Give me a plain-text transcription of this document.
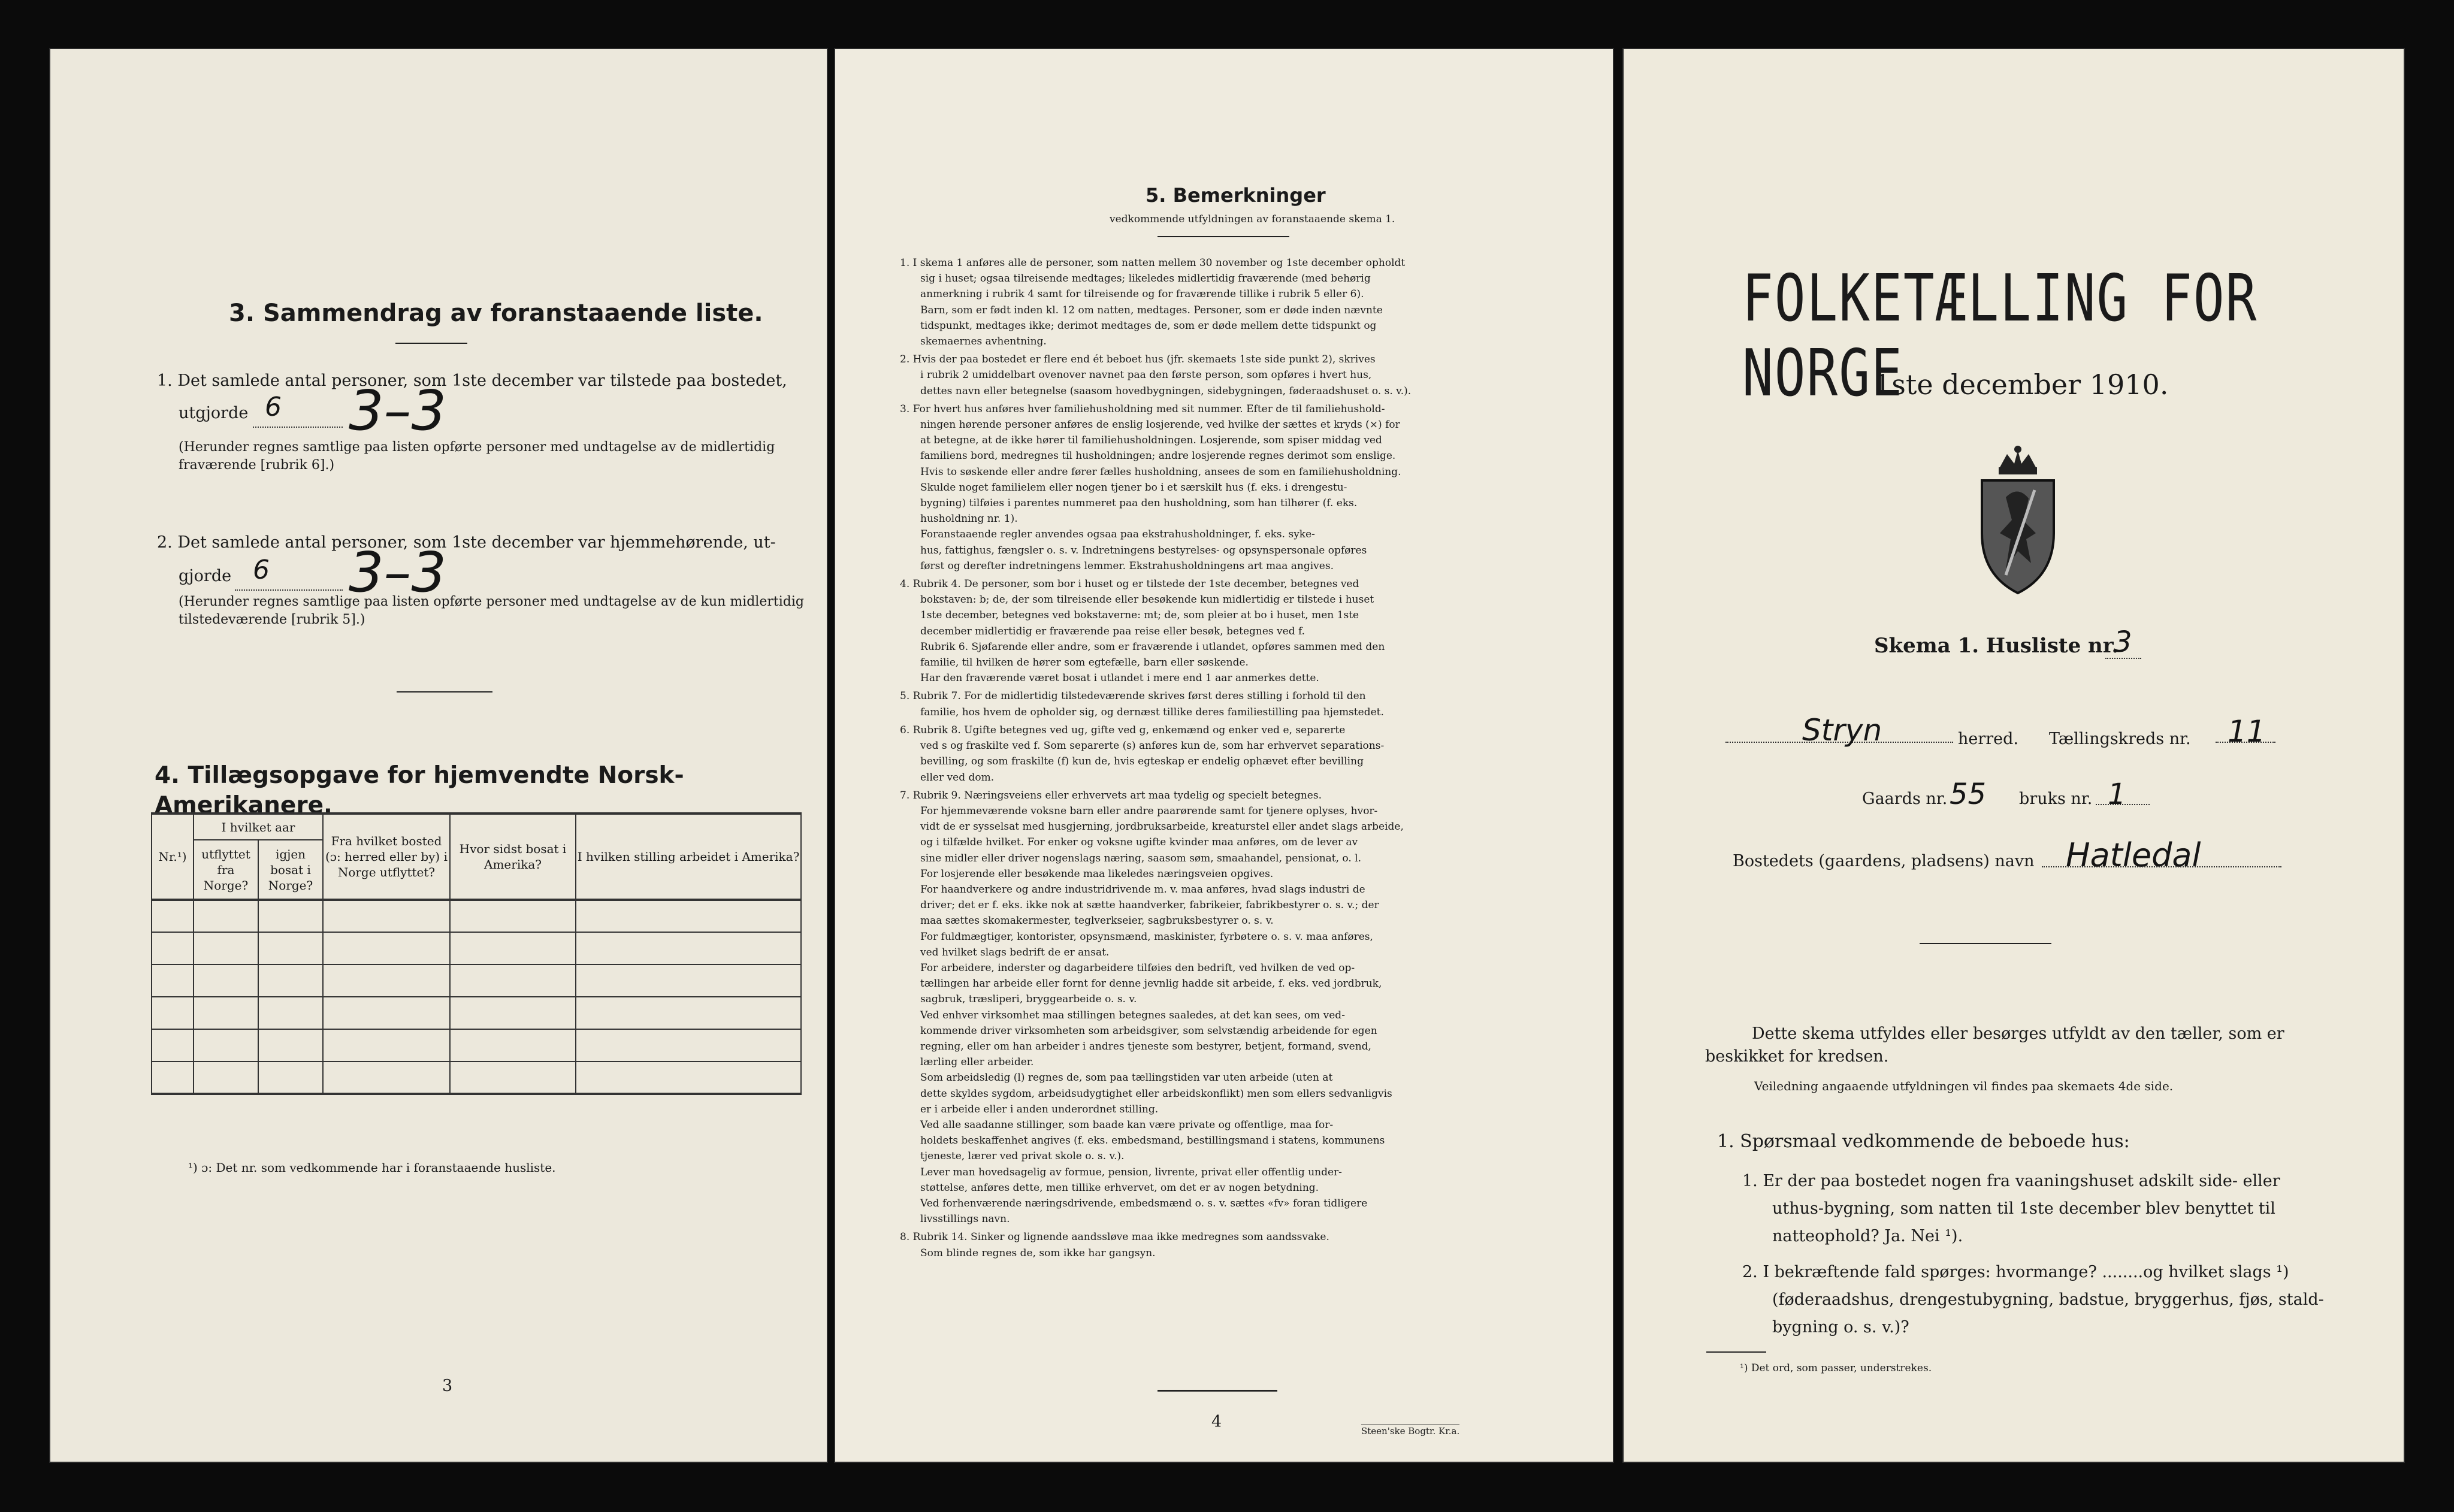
3. Sammendrag av foranstaaende liste.
1. Det samlede antal personer, som 1ste december var tilstede paa bostedet,
utgjorde 6 3–3
(Herunder regnes samtlige paa listen opførte personer med undtagelse av de midlertidig fraværende [rubrik 6].)
2. Det samlede antal personer, som 1ste december var hjemmehørende, ut-
gjorde 6 3–3
(Herunder regnes samtlige paa listen opførte personer med undtagelse av de kun midlertidig tilstedeværende [rubrik 5].)
4. Tillægsopgave for hjemvendte Norsk-Amerikanere.
Nr.¹)	I hvilket aar		Fra hvilket bosted (ɔ: herred eller by) i Norge utflyttet?	Hvor sidst bosat i Amerika?	I hvilken stilling arbeidet i Amerika?
	utflyttet fra Norge?	igjen bosat i Norge?			

¹) ɔ: Det nr. som vedkommende har i foranstaaende husliste.
3
5. Bemerkninger
vedkommende utfyldningen av foranstaaende skema 1.

1. I skema 1 anføres alle de personer, som natten mellem 30 november og 1ste december opholdt

sig i huset; ogsaa tilreisende medtages; likeledes midlertidig fraværende (med behørig

anmerkning i rubrik 4 samt for tilreisende og for fraværende tillike i rubrik 5 eller 6).

Barn, som er født inden kl. 12 om natten, medtages. Personer, som er døde inden nævnte

tidspunkt, medtages ikke; derimot medtages de, som er døde mellem dette tidspunkt og

skemaernes avhentning.

2. Hvis der paa bostedet er flere end ét beboet hus (jfr. skemaets 1ste side punkt 2), skrives

i rubrik 2 umiddelbart ovenover navnet paa den første person, som opføres i hvert hus,

dettes navn eller betegnelse (saasom hovedbygningen, sidebygningen, føderaadshuset o. s. v.).

3. For hvert hus anføres hver familiehusholdning med sit nummer. Efter de til familiehushold-

ningen hørende personer anføres de enslig losjerende, ved hvilke der sættes et kryds (×) for

at betegne, at de ikke hører til familiehusholdningen. Losjerende, som spiser middag ved

familiens bord, medregnes til husholdningen; andre losjerende regnes derimot som enslige.

Hvis to søskende eller andre fører fælles husholdning, ansees de som en familiehusholdning.

Skulde noget familielem eller nogen tjener bo i et særskilt hus (f. eks. i drengestu-

bygning) tilføies i parentes nummeret paa den husholdning, som han tilhører (f. eks.

husholdning nr. 1).

Foranstaaende regler anvendes ogsaa paa ekstrahusholdninger, f. eks. syke-

hus, fattighus, fængsler o. s. v. Indretningens bestyrelses- og opsynspersonale opføres

først og derefter indretningens lemmer. Ekstrahusholdningens art maa angives.

4. Rubrik 4. De personer, som bor i huset og er tilstede der 1ste december, betegnes ved

bokstaven: b; de, der som tilreisende eller besøkende kun midlertidig er tilstede i huset

1ste december, betegnes ved bokstaverne: mt; de, som pleier at bo i huset, men 1ste

december midlertidig er fraværende paa reise eller besøk, betegnes ved f.

Rubrik 6. Sjøfarende eller andre, som er fraværende i utlandet, opføres sammen med den

familie, til hvilken de hører som egtefælle, barn eller søskende.

Har den fraværende været bosat i utlandet i mere end 1 aar anmerkes dette.

5. Rubrik 7. For de midlertidig tilstedeværende skrives først deres stilling i forhold til den

familie, hos hvem de opholder sig, og dernæst tillike deres familiestilling paa hjemstedet.

6. Rubrik 8. Ugifte betegnes ved ug, gifte ved g, enkemænd og enker ved e, separerte

ved s og fraskilte ved f. Som separerte (s) anføres kun de, som har erhvervet separations-

bevilling, og som fraskilte (f) kun de, hvis egteskap er endelig ophævet efter bevilling

eller ved dom.

7. Rubrik 9. Næringsveiens eller erhvervets art maa tydelig og specielt betegnes.

For hjemmeværende voksne barn eller andre paarørende samt for tjenere oplyses, hvor-

vidt de er sysselsat med husgjerning, jordbruksarbeide, kreaturstel eller andet slags arbeide,

og i tilfælde hvilket. For enker og voksne ugifte kvinder maa anføres, om de lever av

sine midler eller driver nogenslags næring, saasom søm, smaahandel, pensionat, o. l.

For losjerende eller besøkende maa likeledes næringsveien opgives.

For haandverkere og andre industridrivende m. v. maa anføres, hvad slags industri de

driver; det er f. eks. ikke nok at sætte haandverker, fabrikeier, fabrikbestyrer o. s. v.; der

maa sættes skomakermester, teglverkseier, sagbruksbestyrer o. s. v.

For fuldmægtiger, kontorister, opsynsmænd, maskinister, fyrbøtere o. s. v. maa anføres,

ved hvilket slags bedrift de er ansat.

For arbeidere, inderster og dagarbeidere tilføies den bedrift, ved hvilken de ved op-

tællingen har arbeide eller fornt for denne jevnlig hadde sit arbeide, f. eks. ved jordbruk,

sagbruk, træsliperi, bryggearbeide o. s. v.

Ved enhver virksomhet maa stillingen betegnes saaledes, at det kan sees, om ved-

kommende driver virksomheten som arbeidsgiver, som selvstændig arbeidende for egen

regning, eller om han arbeider i andres tjeneste som bestyrer, betjent, formand, svend,

lærling eller arbeider.

Som arbeidsledig (l) regnes de, som paa tællingstiden var uten arbeide (uten at

dette skyldes sygdom, arbeidsudygtighet eller arbeidskonflikt) men som ellers sedvanligvis

er i arbeide eller i anden underordnet stilling.

Ved alle saadanne stillinger, som baade kan være private og offentlige, maa for-

holdets beskaffenhet angives (f. eks. embedsmand, bestillingsmand i statens, kommunens

tjeneste, lærer ved privat skole o. s. v.).

Lever man hovedsagelig av formue, pension, livrente, privat eller offentlig under-

støttelse, anføres dette, men tillike erhvervet, om det er av nogen betydning.

Ved forhenværende næringsdrivende, embedsmænd o. s. v. sættes «fv» foran tidligere

livsstillings navn.

8. Rubrik 14. Sinker og lignende aandssløve maa ikke medregnes som aandssvake.

Som blinde regnes de, som ikke har gangsyn.

4	Steen'ske Bogtr. Kr.a.
FOLKETÆLLING FOR NORGE
1ste december 1910.
Skema 1. Husliste nr.
3
Stryn	herred. Tællingskreds nr. 11
Gaards nr. 55 bruks nr. 1
Bostedets (gaardens, pladsens) navn Hatledal
Dette skema utfyldes eller besørges utfyldt av den tæller, som er
beskikket for kredsen.
Veiledning angaaende utfyldningen vil findes paa skemaets 4de side.
1. Spørsmaal vedkommende de beboede hus:
1. Er der paa bostedet nogen fra vaaningshuset adskilt side- eller
uthus-bygning, som natten til 1ste december blev benyttet til
natteophold? Ja. Nei ¹).
2. I bekræftende fald spørges: hvormange? ........og hvilket slags ¹)
(føderaadshus, drengestubygning, badstue, bryggerhus, fjøs, stald-
bygning o. s. v.)?
¹) Det ord, som passer, understrekes.
